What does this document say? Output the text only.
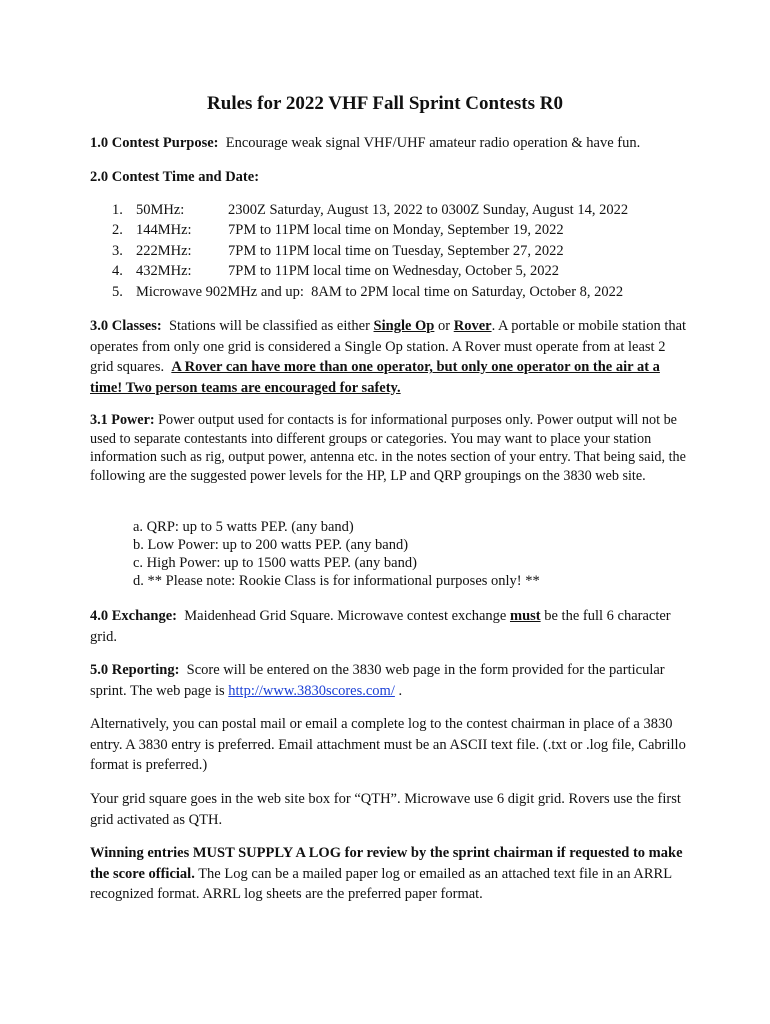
Rules for 2022 VHF Fall Sprint Contests R0

1.0 Contest Purpose: Encourage weak signal VHF/UHF amateur radio operation & have fun.

2.0 Contest Time and Date:

1. 50MHz:	2300Z Saturday, August 13, 2022 to 0300Z Sunday, August 14, 2022
2. 144MHz:	7PM to 11PM local time on Monday, September 19, 2022
3. 222MHz:	7PM to 11PM local time on Tuesday, September 27, 2022
4. 432MHz:	7PM to 11PM local time on Wednesday, October 5, 2022
5. Microwave 902MHz and up: 8AM to 2PM local time on Saturday, October 8, 2022

3.0 Classes: Stations will be classified as either Single Op or Rover. A portable or mobile station that operates from only one grid is considered a Single Op station. A Rover must operate from at least 2 grid squares. A Rover can have more than one operator, but only one operator on the air at a time! Two person teams are encouraged for safety.

3.1 Power: Power output used for contacts is for informational purposes only. Power output will not be used to separate contestants into different groups or categories. You may want to place your station information such as rig, output power, antenna etc. in the notes section of your entry. That being said, the following are the suggested power levels for the HP, LP and QRP groupings on the 3830 web site.

a. QRP: up to 5 watts PEP. (any band)
b. Low Power: up to 200 watts PEP. (any band)
c. High Power: up to 1500 watts PEP. (any band)
d. ** Please note: Rookie Class is for informational purposes only! **

4.0 Exchange: Maidenhead Grid Square. Microwave contest exchange must be the full 6 character grid.

5.0 Reporting: Score will be entered on the 3830 web page in the form provided for the particular sprint. The web page is http://www.3830scores.com/ .

Alternatively, you can postal mail or email a complete log to the contest chairman in place of a 3830 entry. A 3830 entry is preferred. Email attachment must be an ASCII text file. (.txt or .log file, Cabrillo format is preferred.)

Your grid square goes in the web site box for “QTH”. Microwave use 6 digit grid. Rovers use the first grid activated as QTH.

Winning entries MUST SUPPLY A LOG for review by the sprint chairman if requested to make the score official. The Log can be a mailed paper log or emailed as an attached text file in an ARRL recognized format. ARRL log sheets are the preferred paper format.
